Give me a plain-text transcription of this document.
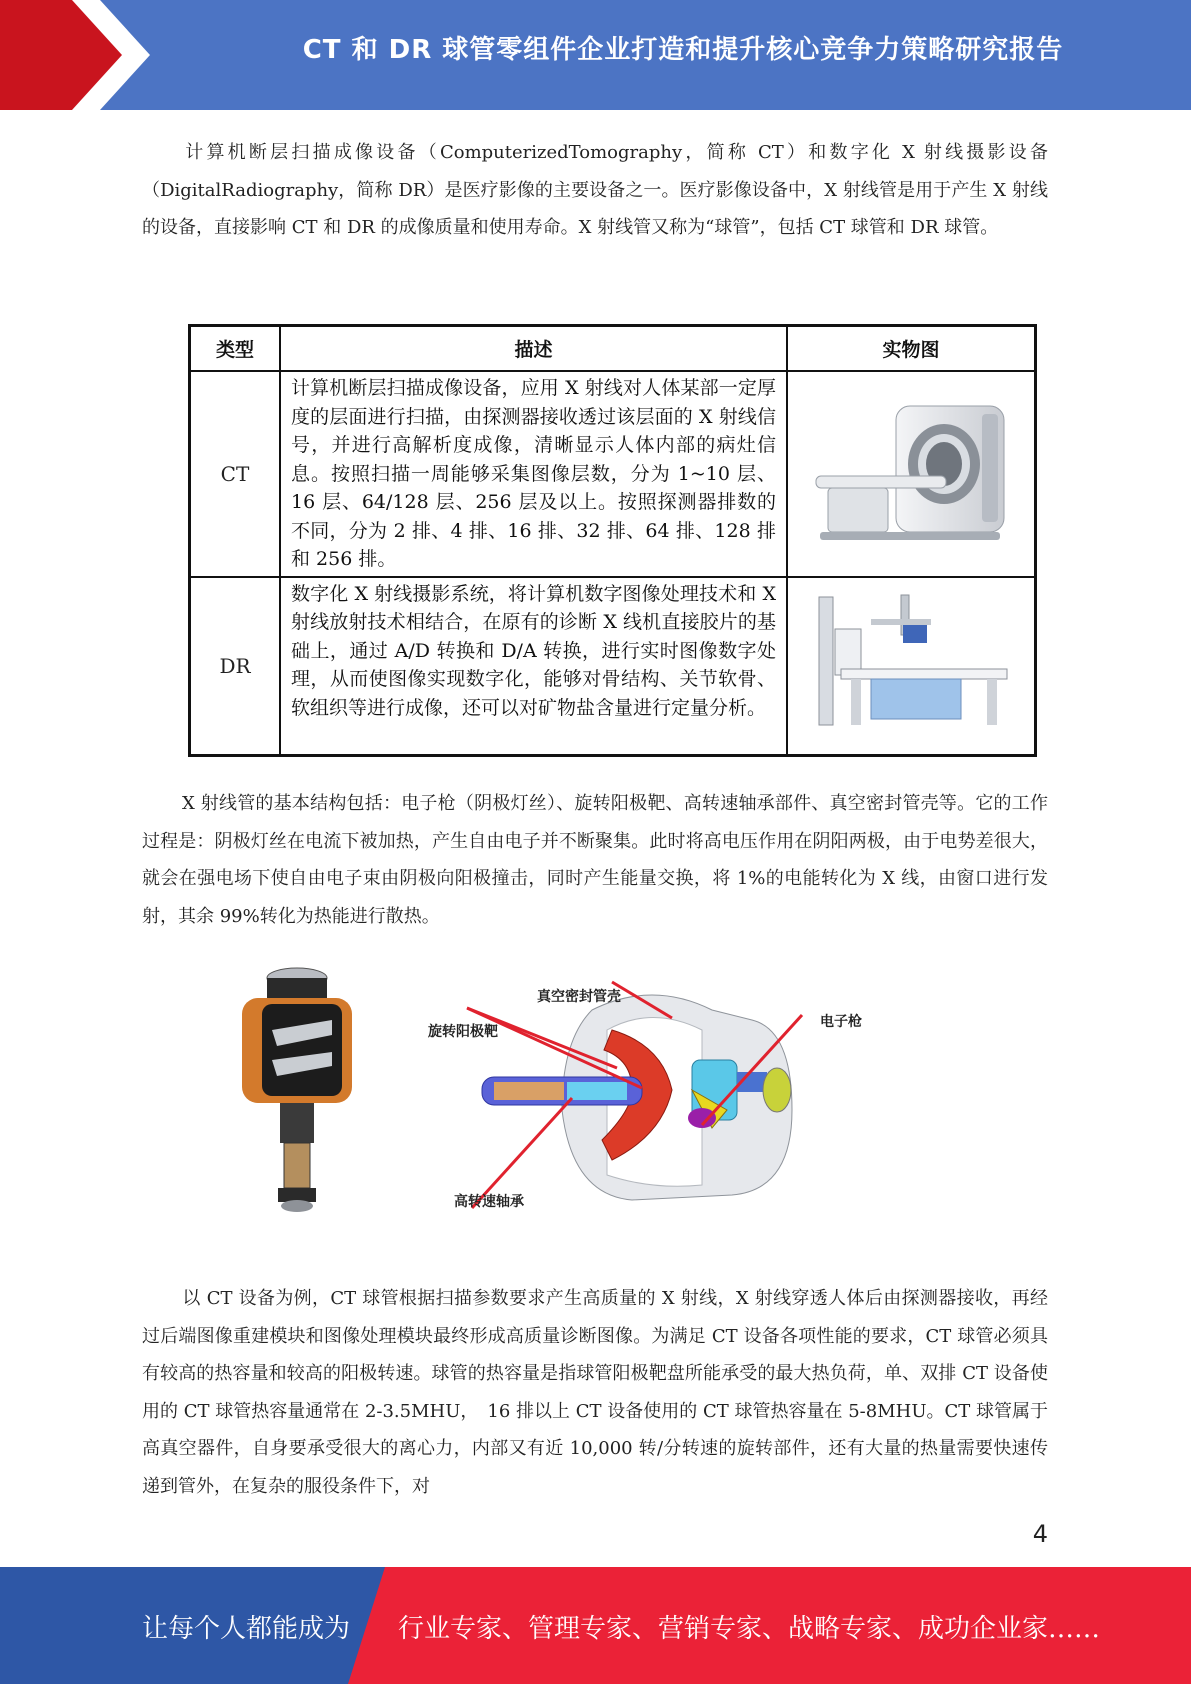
CT 和 DR 球管零组件企业打造和提升核心竞争力策略研究报告

计算机断层扫描成像设备（ComputerizedTomography，简称 CT）和数字化 X 射线摄影设备（DigitalRadiography，简称 DR）是医疗影像的主要设备之一。医疗影像设备中，X 射线管是用于产生 X 射线的设备，直接影响 CT 和 DR 的成像质量和使用寿命。X 射线管又称为“球管”，包括 CT 球管和 DR 球管。

类型	描述	实物图
CT	计算机断层扫描成像设备，应用 X 射线对人体某部一定厚度的层面进行扫描，由探测器接收透过该层面的 X 射线信号，并进行高解析度成像，清晰显示人体内部的病灶信息。按照扫描一周能够采集图像层数，分为 1~10 层、16 层、64/128 层、256 层及以上。按照探测器排数的不同，分为 2 排、4 排、16 排、32 排、64 排、128 排和 256 排。	
DR	数字化 X 射线摄影系统，将计算机数字图像处理技术和 X 射线放射技术相结合，在原有的诊断 X 线机直接胶片的基础上，通过 A/D 转换和 D/A 转换，进行实时图像数字处理，从而使图像实现数字化，能够对骨结构、关节软骨、软组织等进行成像，还可以对矿物盐含量进行定量分析。	

X 射线管的基本结构包括：电子枪（阴极灯丝）、旋转阳极靶、高转速轴承部件、真空密封管壳等。它的工作过程是：阴极灯丝在电流下被加热，产生自由电子并不断聚集。此时将高电压作用在阴阳两极，由于电势差很大，就会在强电场下使自由电子束由阴极向阳极撞击，同时产生能量交换，将 1%的电能转化为 X 线，由窗口进行发射，其余 99%转化为热能进行散热。

真空密封管壳
旋转阳极靶
电子枪
高转速轴承

以 CT 设备为例，CT 球管根据扫描参数要求产生高质量的 X 射线，X 射线穿透人体后由探测器接收，再经过后端图像重建模块和图像处理模块最终形成高质量诊断图像。为满足 CT 设备各项性能的要求，CT 球管必须具有较高的热容量和较高的阳极转速。球管的热容量是指球管阳极靶盘所能承受的最大热负荷，单、双排 CT 设备使用的 CT 球管热容量通常在 2-3.5MHU，　16 排以上 CT 设备使用的 CT 球管热容量在 5-8MHU。CT 球管属于高真空器件，自身要承受很大的离心力，内部又有近 10,000 转/分转速的旋转部件，还有大量的热量需要快速传递到管外，在复杂的服役条件下，对

4
让每个人都能成为 行业专家、管理专家、营销专家、战略专家、成功企业家……
